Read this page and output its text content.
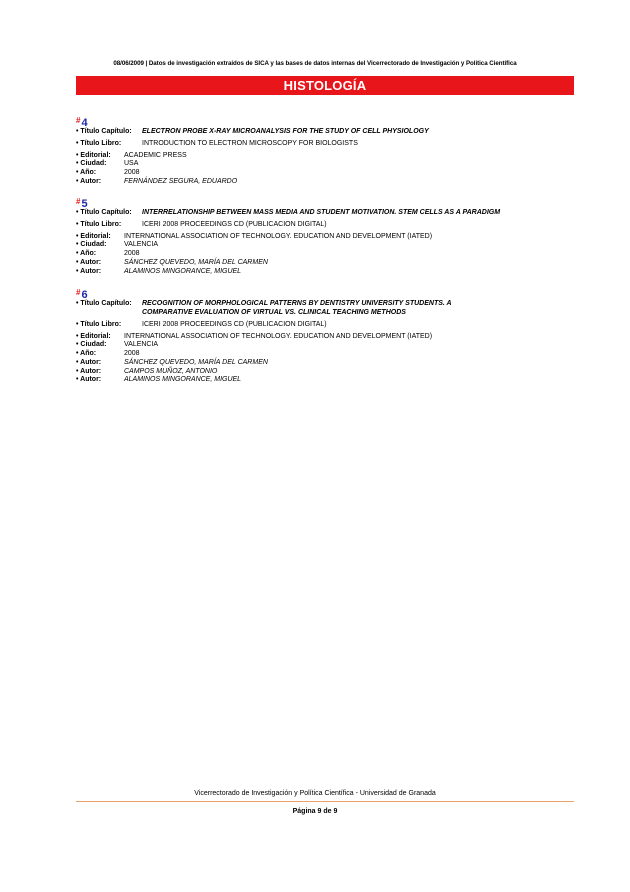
08/06/2009 | Datos de investigación extraídos de SICA y las bases de datos internas del Vicerrectorado de Investigación y Política Científica
HISTOLOGÍA
#4
• Título Capítulo: ELECTRON PROBE X-RAY MICROANALYSIS FOR THE STUDY OF CELL PHYSIOLOGY
• Título Libro:	INTRODUCTION TO ELECTRON MICROSCOPY FOR BIOLOGISTS
• Editorial: ACADEMIC PRESS
• Ciudad:	USA
• Año:	2008
• Autor:	FERNÁNDEZ SEGURA, EDUARDO
#5
• Título Capítulo: INTERRELATIONSHIP BETWEEN MASS MEDIA AND STUDENT MOTIVATION. STEM CELLS AS A PARADIGM
• Título Libro:	ICERI 2008 PROCEEDINGS CD (PUBLICACION DIGITAL)
• Editorial: INTERNATIONAL ASSOCIATION OF TECHNOLOGY. EDUCATION AND DEVELOPMENT (IATED)
• Ciudad:	VALENCIA
• Año:	2008
• Autor:	SÁNCHEZ QUEVEDO, MARÍA DEL CARMEN
• Autor:	ALAMINOS MINGORANCE, MIGUEL
#6
• Título Capítulo: RECOGNITION OF MORPHOLOGICAL PATTERNS BY DENTISTRY UNIVERSITY STUDENTS. A COMPARATIVE EVALUATION OF VIRTUAL VS. CLINICAL TEACHING METHODS
• Título Libro:	ICERI 2008 PROCEEDINGS CD (PUBLICACION DIGITAL)
• Editorial: INTERNATIONAL ASSOCIATION OF TECHNOLOGY. EDUCATION AND DEVELOPMENT (IATED)
• Ciudad:	VALENCIA
• Año:	2008
• Autor:	SÁNCHEZ QUEVEDO, MARÍA DEL CARMEN
• Autor:	CAMPOS MUÑOZ, ANTONIO
• Autor:	ALAMINOS MINGORANCE, MIGUEL
Vicerrectorado de Investigación y Política Científica - Universidad de Granada
Página 9 de 9
